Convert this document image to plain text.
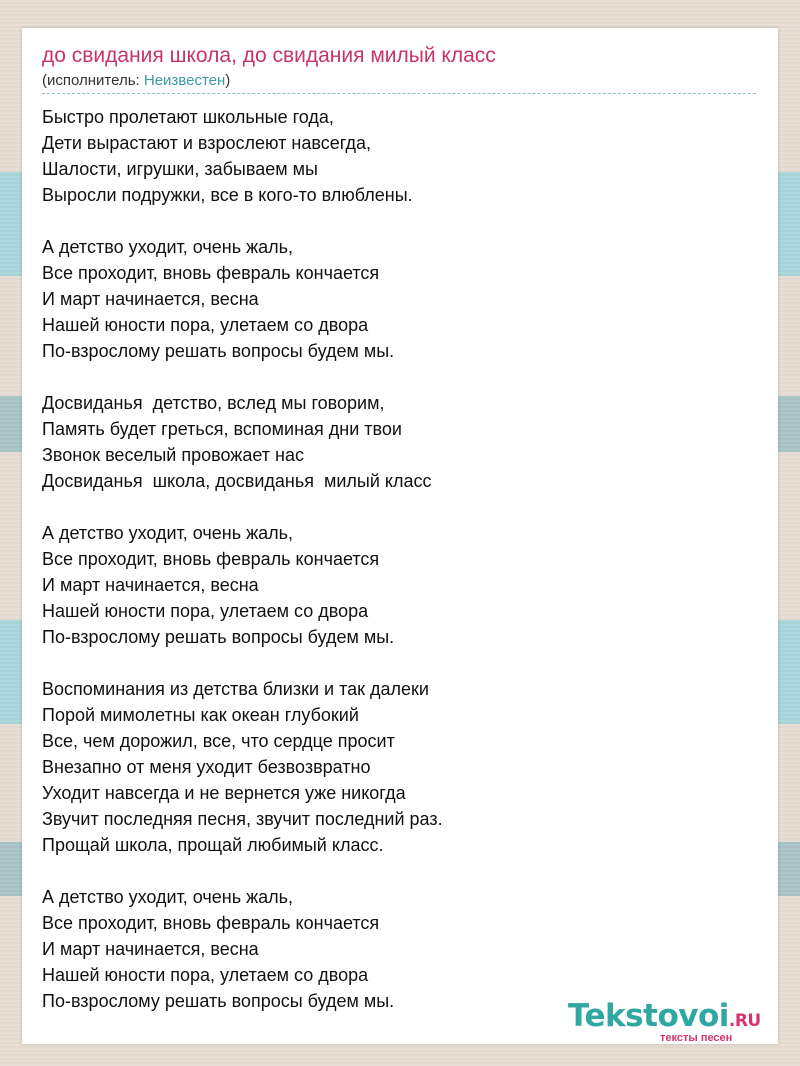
до свидания школа, до свидания милый класс
(исполнитель: Неизвестен)
Быстро пролетают школьные года,
Дети вырастают и взрослеют навсегда,
Шалости, игрушки, забываем мы
Выросли подружки, все в кого-то влюблены.
А детство уходит, очень жаль,
Все проходит, вновь февраль кончается
И март начинается, весна
Нашей юности пора, улетаем со двора
По-взрослому решать вопросы будем мы.
Досвиданья  детство, вслед мы говорим,
Память будет греться, вспоминая дни твои
Звонок веселый провожает нас
Досвиданья  школа, досвиданья  милый класс
А детство уходит, очень жаль,
Все проходит, вновь февраль кончается
И март начинается, весна
Нашей юности пора, улетаем со двора
По-взрослому решать вопросы будем мы.
Воспоминания из детства близки и так далеки
Порой мимолетны как океан глубокий
Все, чем дорожил, все, что сердце просит
Внезапно от меня уходит безвозвратно
Уходит навсегда и не вернется уже никогда
Звучит последняя песня, звучит последний раз.
Прощай школа, прощай любимый класс.
А детство уходит, очень жаль,
Все проходит, вновь февраль кончается
И март начинается, весна
Нашей юности пора, улетаем со двора
По-взрослому решать вопросы будем мы.	Tekstovoi.RU
тексты песен
